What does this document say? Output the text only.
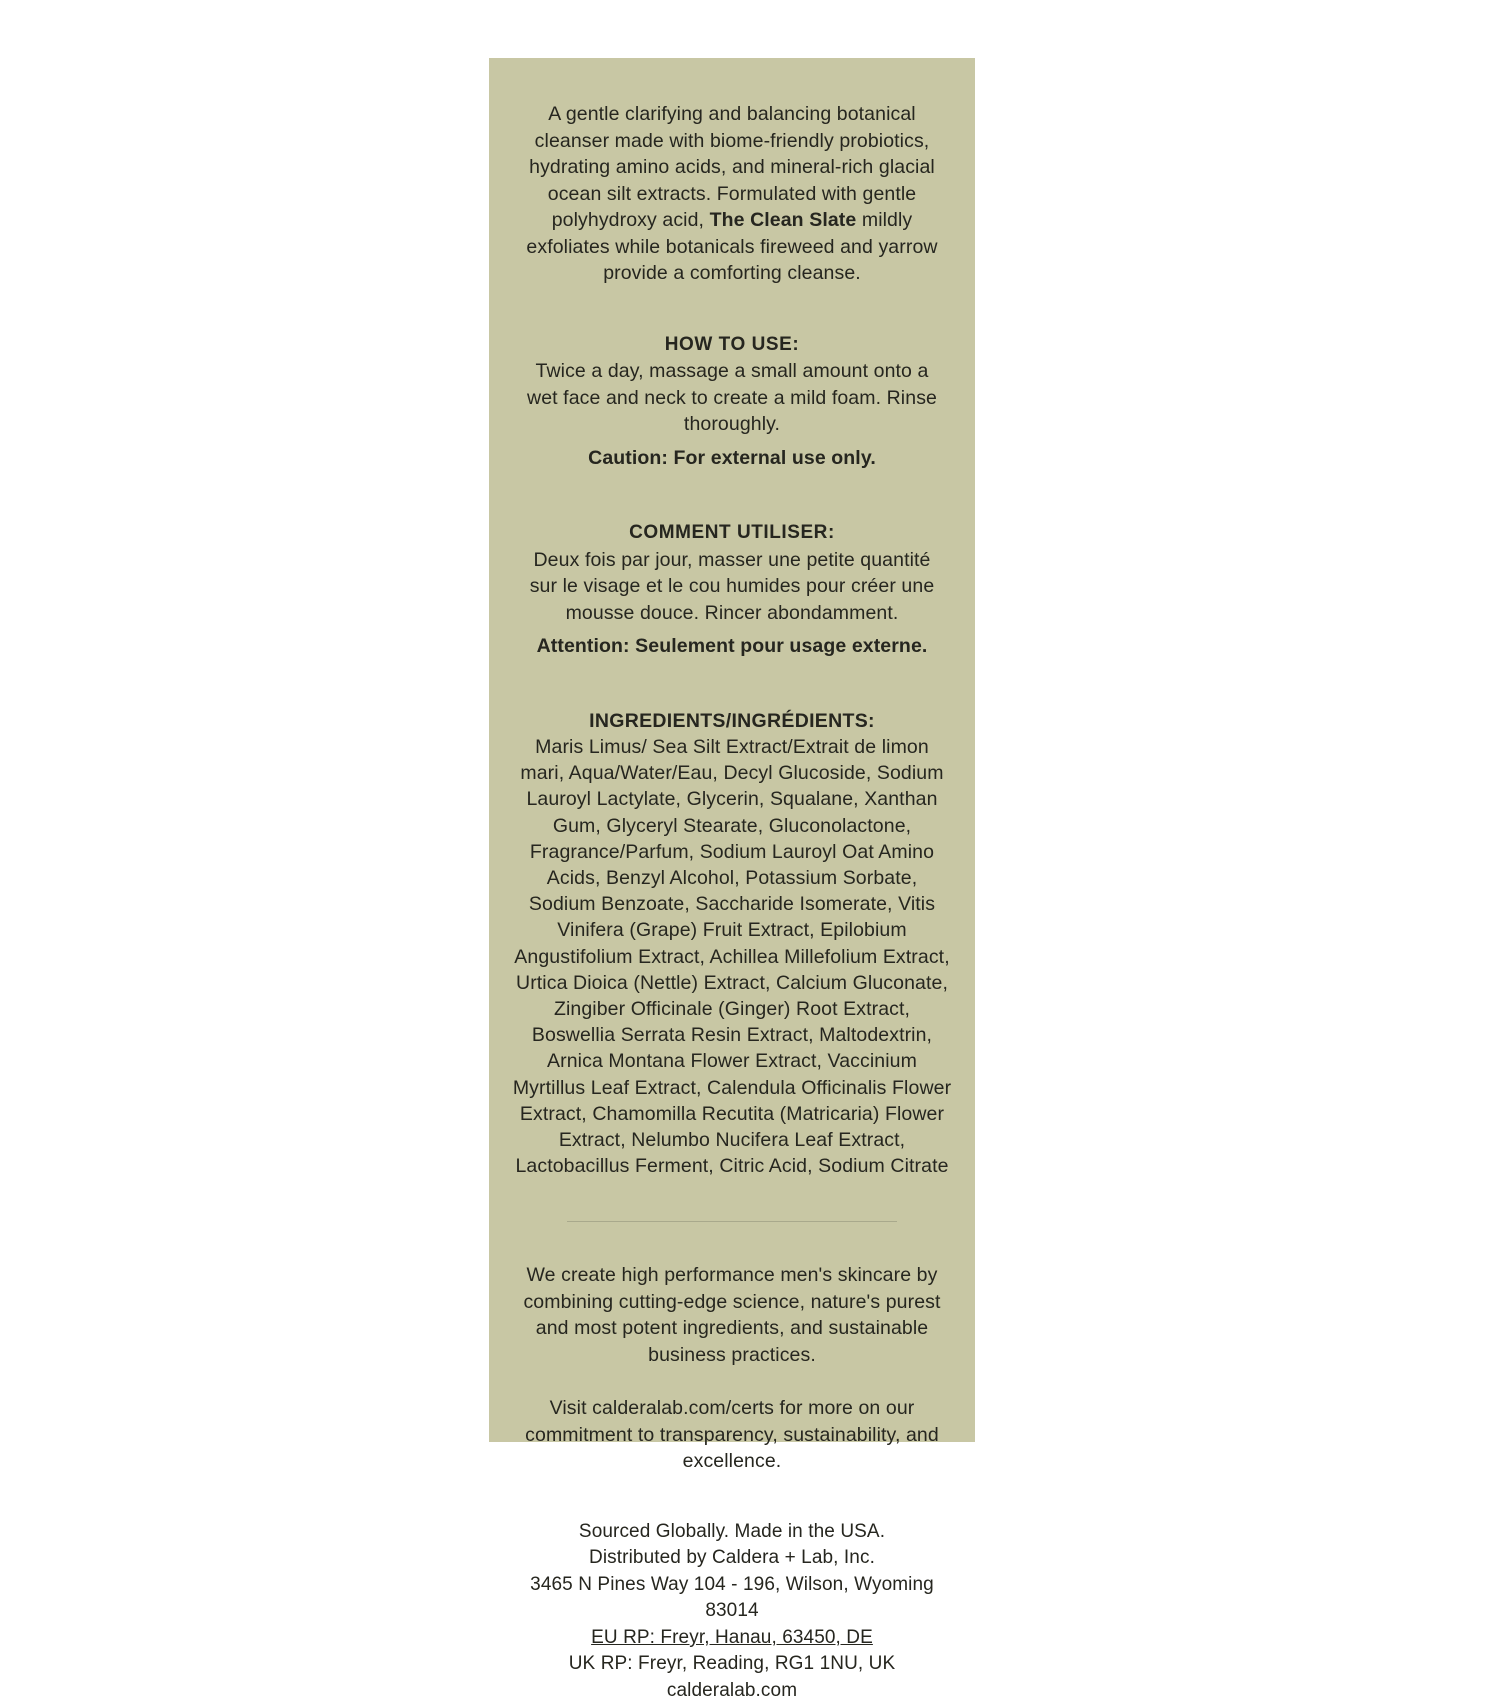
A gentle clarifying and balancing botanical cleanser made with biome-friendly probiotics, hydrating amino acids, and mineral-rich glacial ocean silt extracts. Formulated with gentle polyhydroxy acid, The Clean Slate mildly exfoliates while botanicals fireweed and yarrow provide a comforting cleanse.
HOW TO USE:
Twice a day, massage a small amount onto a wet face and neck to create a mild foam. Rinse thoroughly.
Caution: For external use only.
COMMENT UTILISER:
Deux fois par jour, masser une petite quantité sur le visage et le cou humides pour créer une mousse douce. Rincer abondamment.
Attention: Seulement pour usage externe.
INGREDIENTS/INGRÉDIENTS:
Maris Limus/ Sea Silt Extract/Extrait de limon mari, Aqua/Water/Eau, Decyl Glucoside, Sodium Lauroyl Lactylate, Glycerin, Squalane, Xanthan Gum, Glyceryl Stearate, Gluconolactone, Fragrance/Parfum, Sodium Lauroyl Oat Amino Acids, Benzyl Alcohol, Potassium Sorbate, Sodium Benzoate, Saccharide Isomerate, Vitis Vinifera (Grape) Fruit Extract, Epilobium Angustifolium Extract, Achillea Millefolium Extract, Urtica Dioica (Nettle) Extract, Calcium Gluconate, Zingiber Officinale (Ginger) Root Extract, Boswellia Serrata Resin Extract, Maltodextrin, Arnica Montana Flower Extract, Vaccinium Myrtillus Leaf Extract, Calendula Officinalis Flower Extract, Chamomilla Recutita (Matricaria) Flower Extract, Nelumbo Nucifera Leaf Extract, Lactobacillus Ferment, Citric Acid, Sodium Citrate
We create high performance men's skincare by combining cutting-edge science, nature's purest and most potent ingredients, and sustainable business practices.
Visit calderalab.com/certs for more on our commitment to transparency, sustainability, and excellence.
Sourced Globally. Made in the USA.
Distributed by Caldera + Lab, Inc.
3465 N Pines Way 104 - 196, Wilson, Wyoming 83014
EU RP: Freyr, Hanau, 63450, DE
UK RP: Freyr, Reading, RG1 1NU, UK
calderalab.com
